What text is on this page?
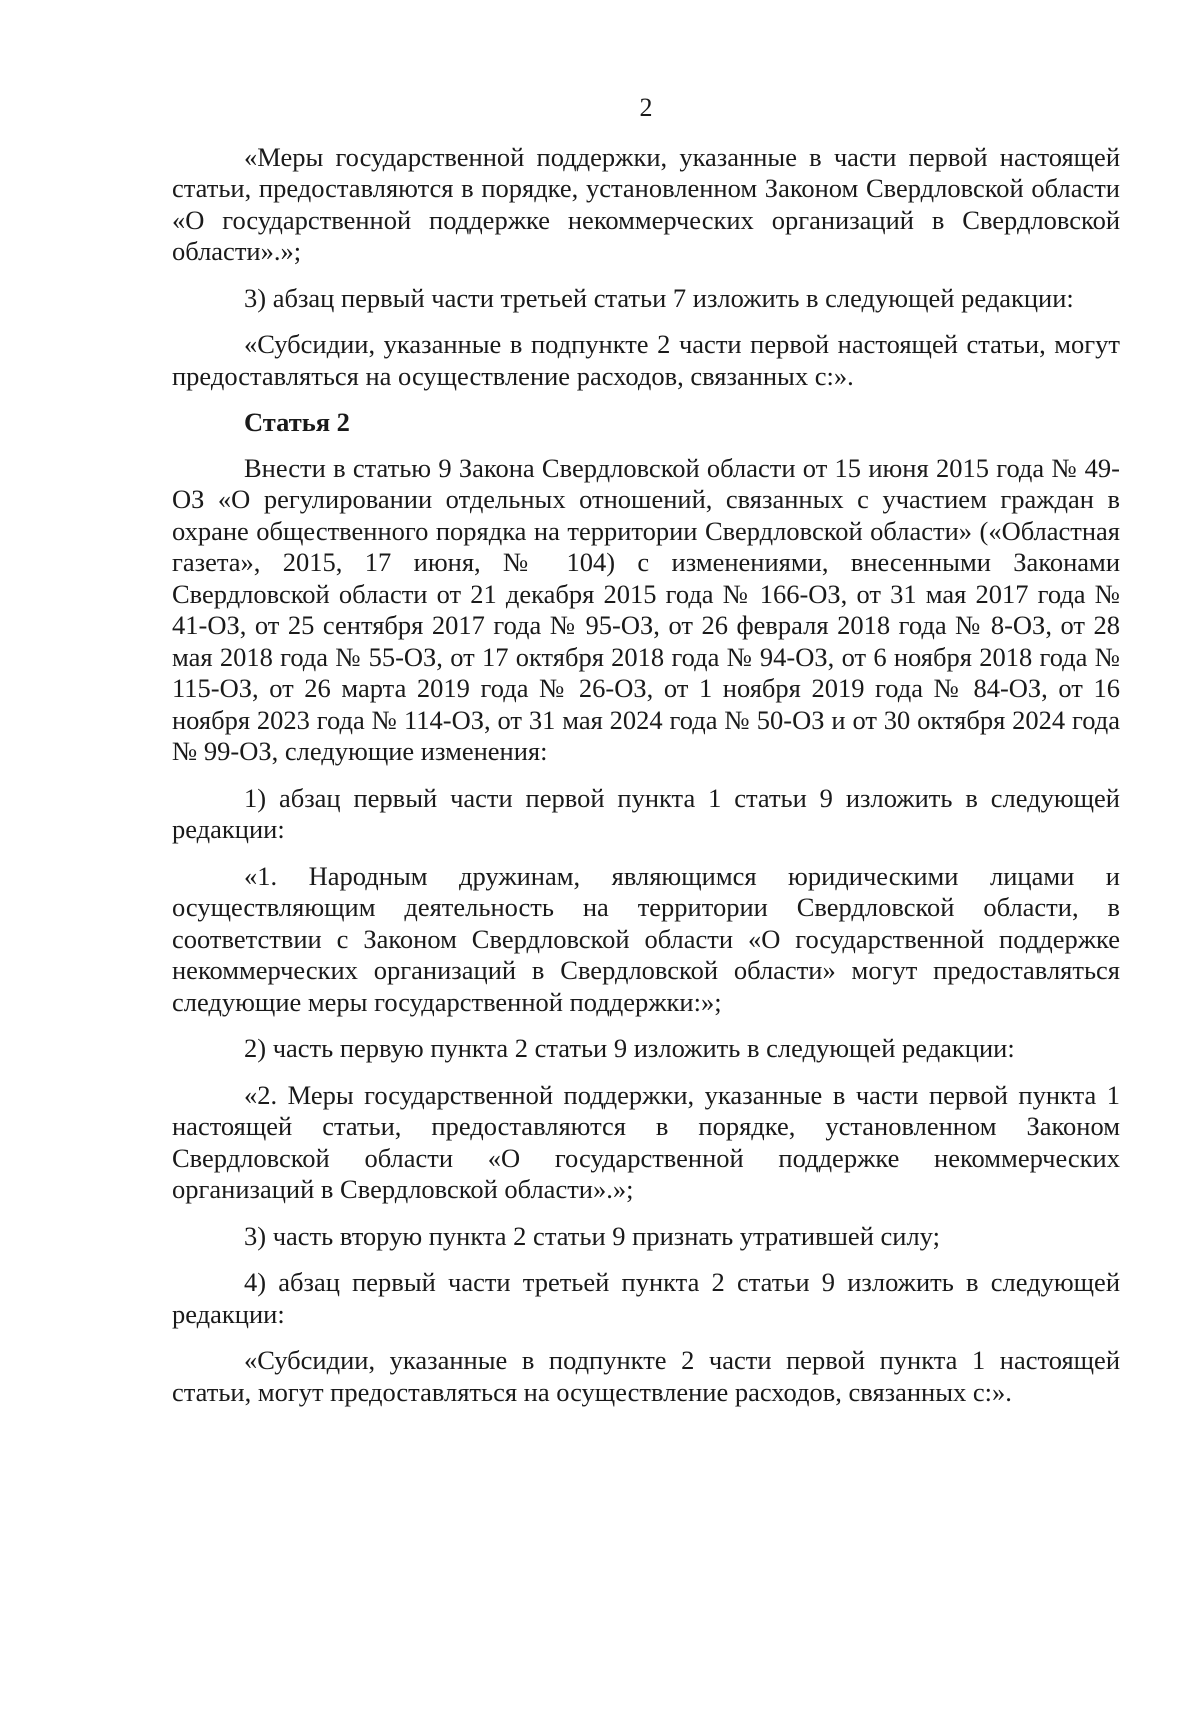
2

«Меры государственной поддержки, указанные в части первой настоящей статьи, предоставляются в порядке, установленном Законом Свердловской области «О государственной поддержке некоммерческих организаций в Свердловской области».»;

3) абзац первый части третьей статьи 7 изложить в следующей редакции:

«Субсидии, указанные в подпункте 2 части первой настоящей статьи, могут предоставляться на осуществление расходов, связанных с:».

Статья 2

Внести в статью 9 Закона Свердловской области от 15 июня 2015 года № 49-ОЗ «О регулировании отдельных отношений, связанных с участием граждан в охране общественного порядка на территории Свердловской области» («Областная газета», 2015, 17 июня, № 104) с изменениями, внесенными Законами Свердловской области от 21 декабря 2015 года № 166-ОЗ, от 31 мая 2017 года № 41-ОЗ, от 25 сентября 2017 года № 95-ОЗ, от 26 февраля 2018 года № 8-ОЗ, от 28 мая 2018 года № 55-ОЗ, от 17 октября 2018 года № 94-ОЗ, от 6 ноября 2018 года № 115-ОЗ, от 26 марта 2019 года № 26-ОЗ, от 1 ноября 2019 года № 84-ОЗ, от 16 ноября 2023 года № 114-ОЗ, от 31 мая 2024 года № 50-ОЗ и от 30 октября 2024 года № 99-ОЗ, следующие изменения:

1) абзац первый части первой пункта 1 статьи 9 изложить в следующей редакции:

«1. Народным дружинам, являющимся юридическими лицами и осуществляющим деятельность на территории Свердловской области, в соответствии с Законом Свердловской области «О государственной поддержке некоммерческих организаций в Свердловской области» могут предоставляться следующие меры государственной поддержки:»;

2) часть первую пункта 2 статьи 9 изложить в следующей редакции:

«2. Меры государственной поддержки, указанные в части первой пункта 1 настоящей статьи, предоставляются в порядке, установленном Законом Свердловской области «О государственной поддержке некоммерческих организаций в Свердловской области».»;

3) часть вторую пункта 2 статьи 9 признать утратившей силу;

4) абзац первый части третьей пункта 2 статьи 9 изложить в следующей редакции:

«Субсидии, указанные в подпункте 2 части первой пункта 1 настоящей статьи, могут предоставляться на осуществление расходов, связанных с:».
